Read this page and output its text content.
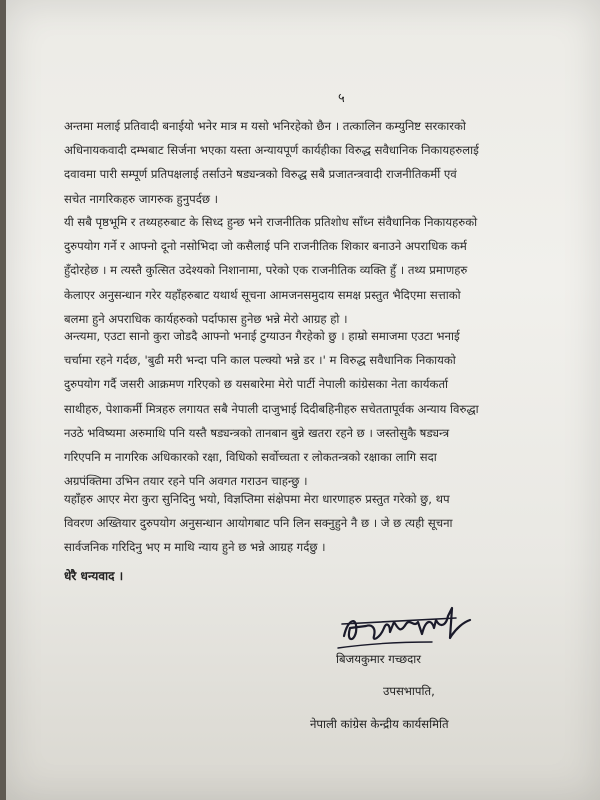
५
अन्तमा मलाई प्रतिवादी बनाईयो भनेर मात्र म यसो भनिरहेको छैन । तत्कालिन कम्युनिष्ट सरकारको
अधिनायकवादी दम्भबाट सिर्जना भएका यस्ता अन्यायपूर्ण कार्यहीका विरुद्ध सवैधानिक निकायहरुलाई
दवावमा पारी सम्पूर्ण प्रतिपक्षलाई तर्साउने षड्यन्त्रको विरुद्ध सबै प्रजातन्त्रवादी राजनीतिकर्मी एवं
सचेत नागरिकहरु जागरुक हुनुपर्दछ ।
यी सबै पृष्ठभूमि र तथ्यहरुबाट के सिध्द हुन्छ भने राजनीतिक प्रतिशोध साँध्न संवैधानिक निकायहरुको
दुरुपयोग गर्ने र आफ्नो दूनो नसोभिदा जो कसैलाई पनि राजनीतिक शिकार बनाउने अपराधिक कर्म
हुँदोरहेछ । म त्यस्तै कुत्सित उदेश्यको निशानामा, परेको एक राजनीतिक व्यक्ति हुँ । तथ्य प्रमाणहरु
केलाएर अनुसन्धान गरेर यहाँहरुबाट यथार्थ सूचना आमजनसमुदाय समक्ष प्रस्तुत भैदिएमा सत्ताको
बलमा हुने अपराधिक कार्यहरुको पर्दाफास हुनेछ भन्ने मेरो आग्रह हो ।
अन्त्यमा, एउटा सानो कुरा जोडदै आफ्नो भनाई टुग्याउन गैरहेको छु । हाम्रो समाजमा एउटा भनाई
चर्चामा रहने गर्दछ, 'बुढी मरी भन्दा पनि काल पल्क्यो भन्ने डर ।' म विरुद्ध सवैधानिक निकायको
दुरुपयोग गर्दै जसरी आक्रमण गरिएको छ यसबारेमा मेरो पार्टी नेपाली कांग्रेसका नेता कार्यकर्ता
साथीहरु, पेशाकर्मी मित्रहरु लगायत सबै नेपाली दाजुभाई दिदीबहिनीहरु सचेततापूर्वक अन्याय विरुद्धा
नउठे भविष्यमा अरुमाथि पनि यस्तै षड्यन्त्रको तानबान बुन्ने खतरा रहने छ । जस्तोसुकै षड्यन्त्र
गरिएपनि म नागरिक अधिकारको रक्षा, विधिको सर्वोच्चता र लोकतन्त्रको रक्षाका लागि सदा
अग्रपंक्तिमा उभिन तयार रहने पनि अवगत गराउन चाहन्छु ।
यहाँहरु आएर मेरा कुरा सुनिदिनु भयो, विज्ञप्तिमा संक्षेपमा मेरा धारणाहरु प्रस्तुत गरेको छु, थप
विवरण अख्तियार दुरुपयोग अनुसन्धान आयोगबाट पनि लिन सक्नुहुने नै छ । जे छ त्यही सूचना
सार्वजनिक गरिदिनु भए म माथि न्याय हुने छ भन्ने आग्रह गर्दछु ।
धेरै धन्यवाद ।
बिजयकुमार गच्छदार
उपसभापति,
नेपाली कांग्रेस केन्द्रीय कार्यसमिति
